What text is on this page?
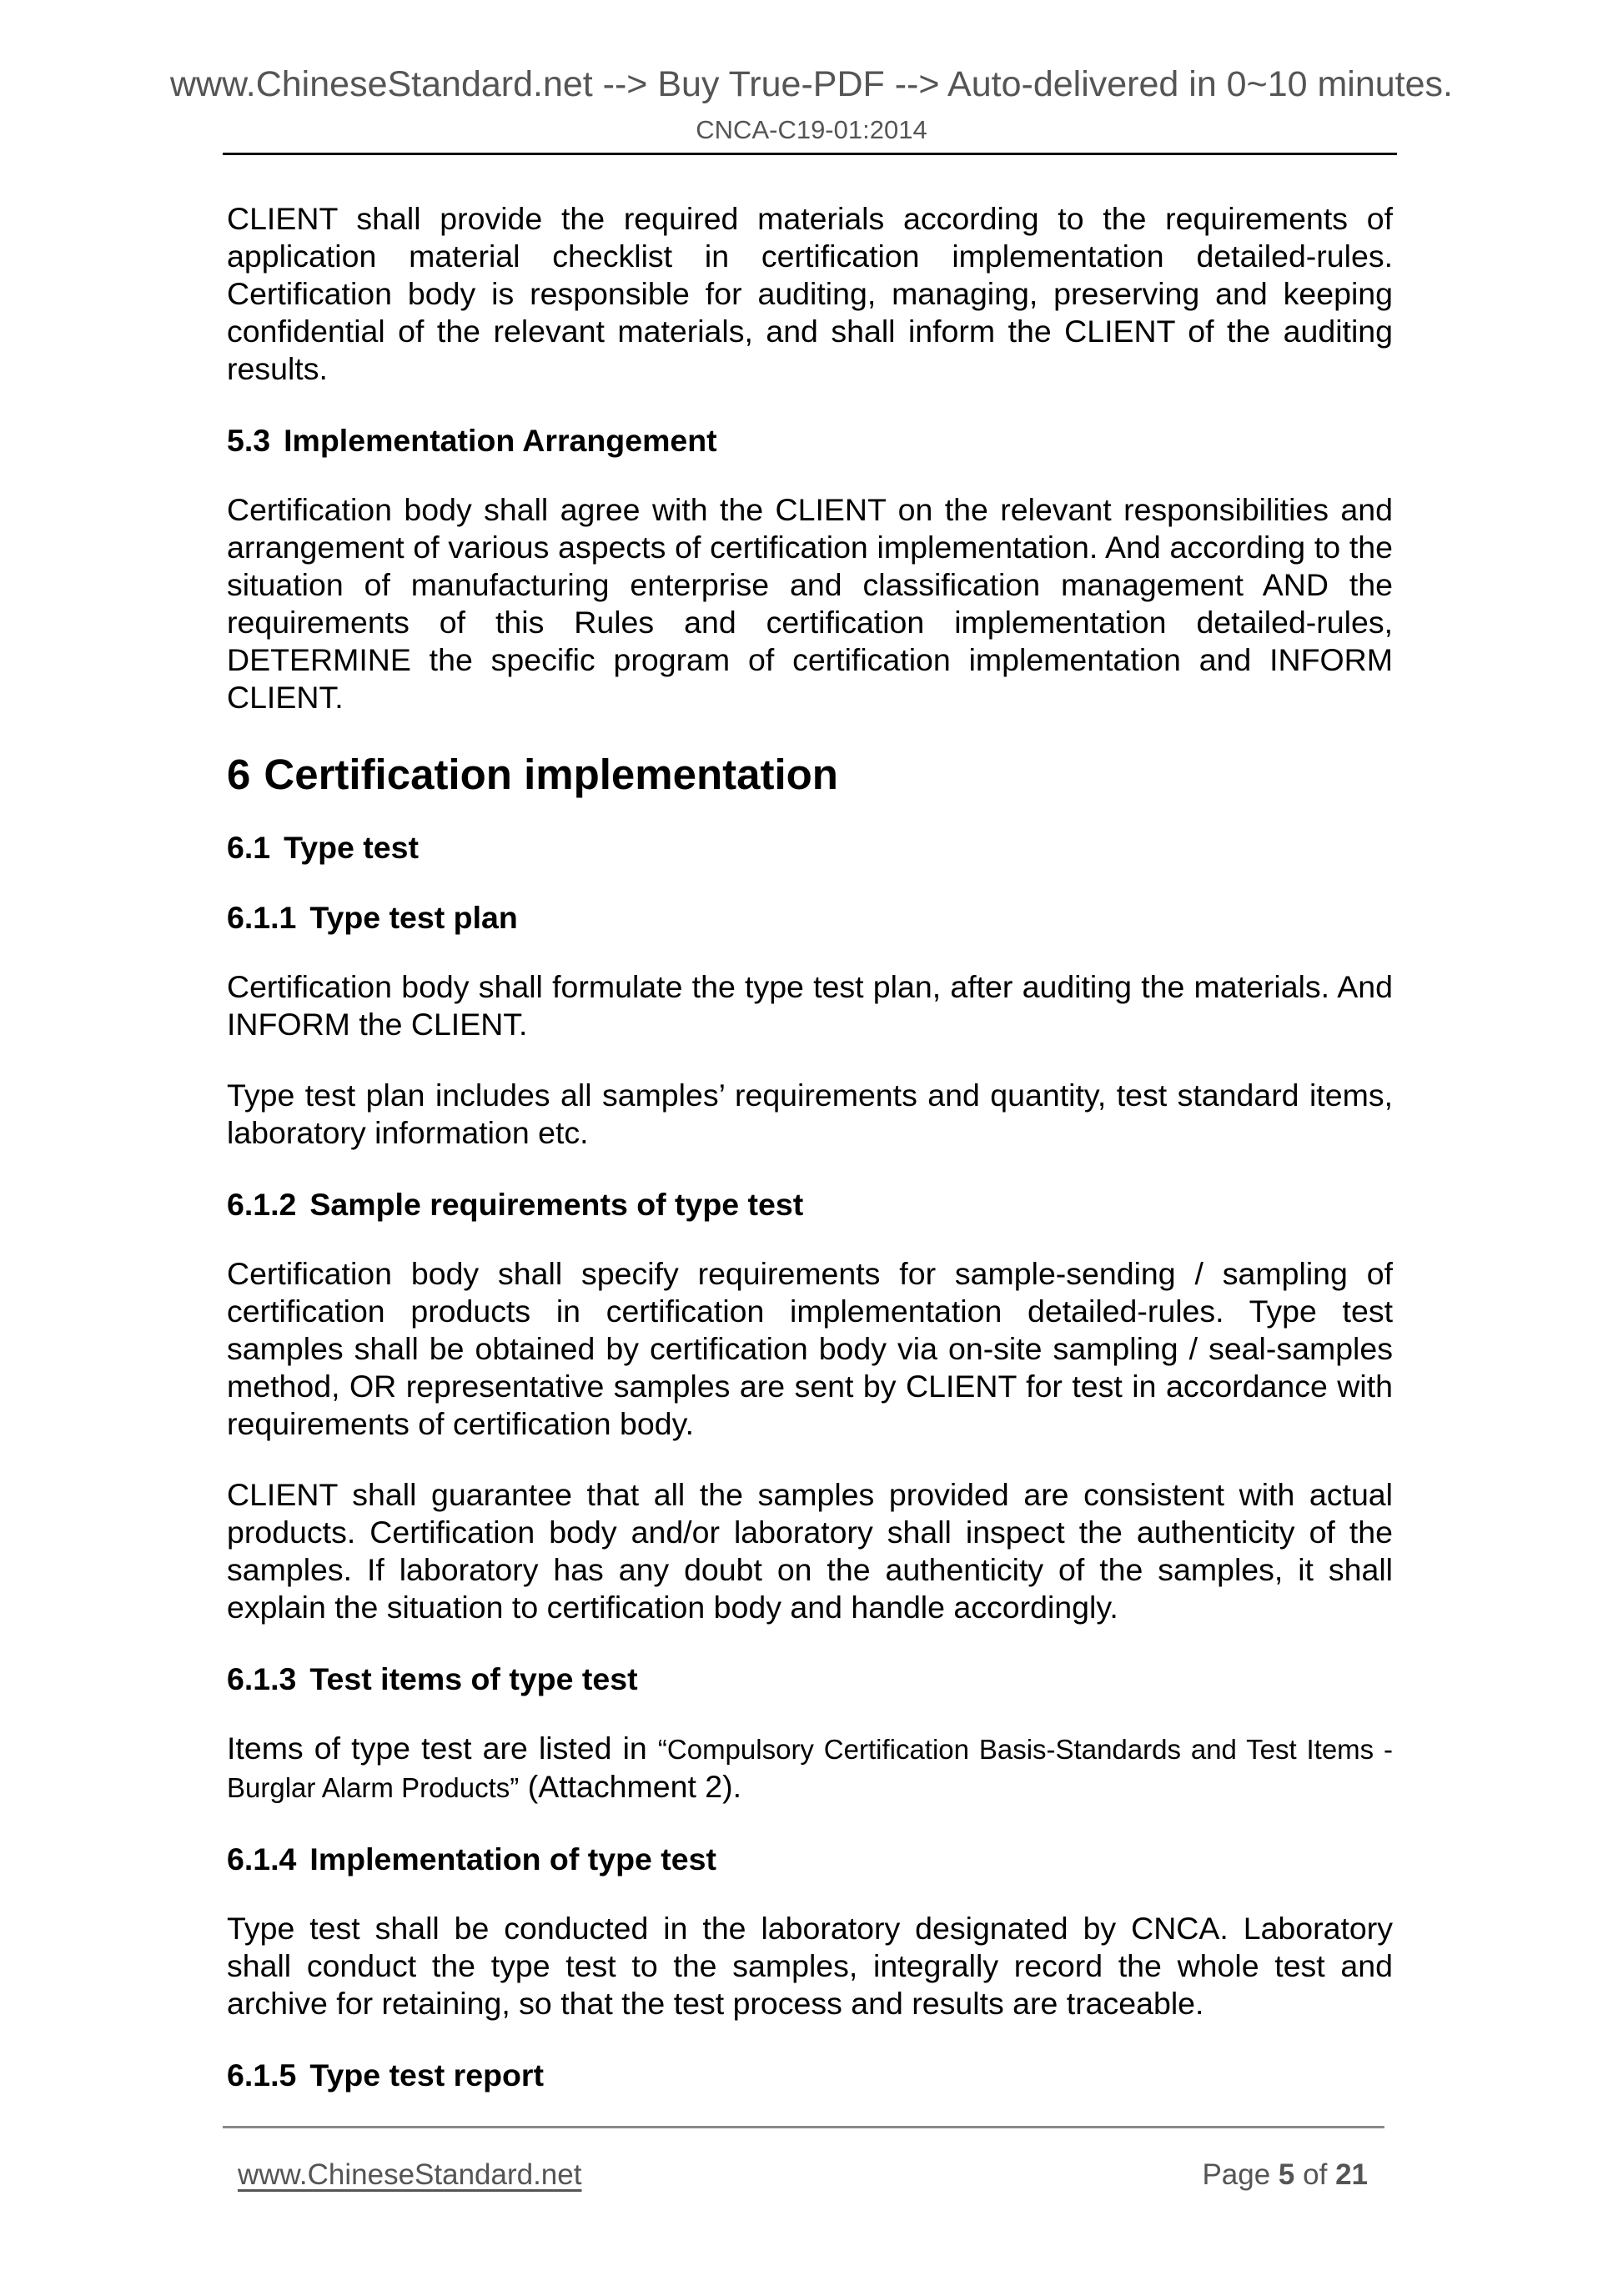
www.ChineseStandard.net --> Buy True-PDF --> Auto-delivered in 0~10 minutes.
CNCA-C19-01:2014

CLIENT shall provide the required materials according to the requirements of application material checklist in certification implementation detailed-rules. Certification body is responsible for auditing, managing, preserving and keeping confidential of the relevant materials, and shall inform the CLIENT of the auditing results.

5.3 Implementation Arrangement

Certification body shall agree with the CLIENT on the relevant responsibilities and arrangement of various aspects of certification implementation. And according to the situation of manufacturing enterprise and classification management AND the requirements of this Rules and certification implementation detailed-rules, DETERMINE the specific program of certification implementation and INFORM CLIENT.

6 Certification implementation
6.1 Type test
6.1.1 Type test plan

Certification body shall formulate the type test plan, after auditing the materials. And INFORM the CLIENT.

Type test plan includes all samples’ requirements and quantity, test standard items, laboratory information etc.

6.1.2 Sample requirements of type test

Certification body shall specify requirements for sample-sending / sampling of certification products in certification implementation detailed-rules. Type test samples shall be obtained by certification body via on-site sampling / seal-samples method, OR representative samples are sent by CLIENT for test in accordance with requirements of certification body.

CLIENT shall guarantee that all the samples provided are consistent with actual products. Certification body and/or laboratory shall inspect the authenticity of the samples. If laboratory has any doubt on the authenticity of the samples, it shall explain the situation to certification body and handle accordingly.

6.1.3 Test items of type test

Items of type test are listed in “Compulsory Certification Basis-Standards and Test Items - Burglar Alarm Products” (Attachment 2).

6.1.4 Implementation of type test

Type test shall be conducted in the laboratory designated by CNCA. Laboratory shall conduct the type test to the samples, integrally record the whole test and archive for retaining, so that the test process and results are traceable.

6.1.5 Type test report
www.ChineseStandard.net	Page 5 of 21
